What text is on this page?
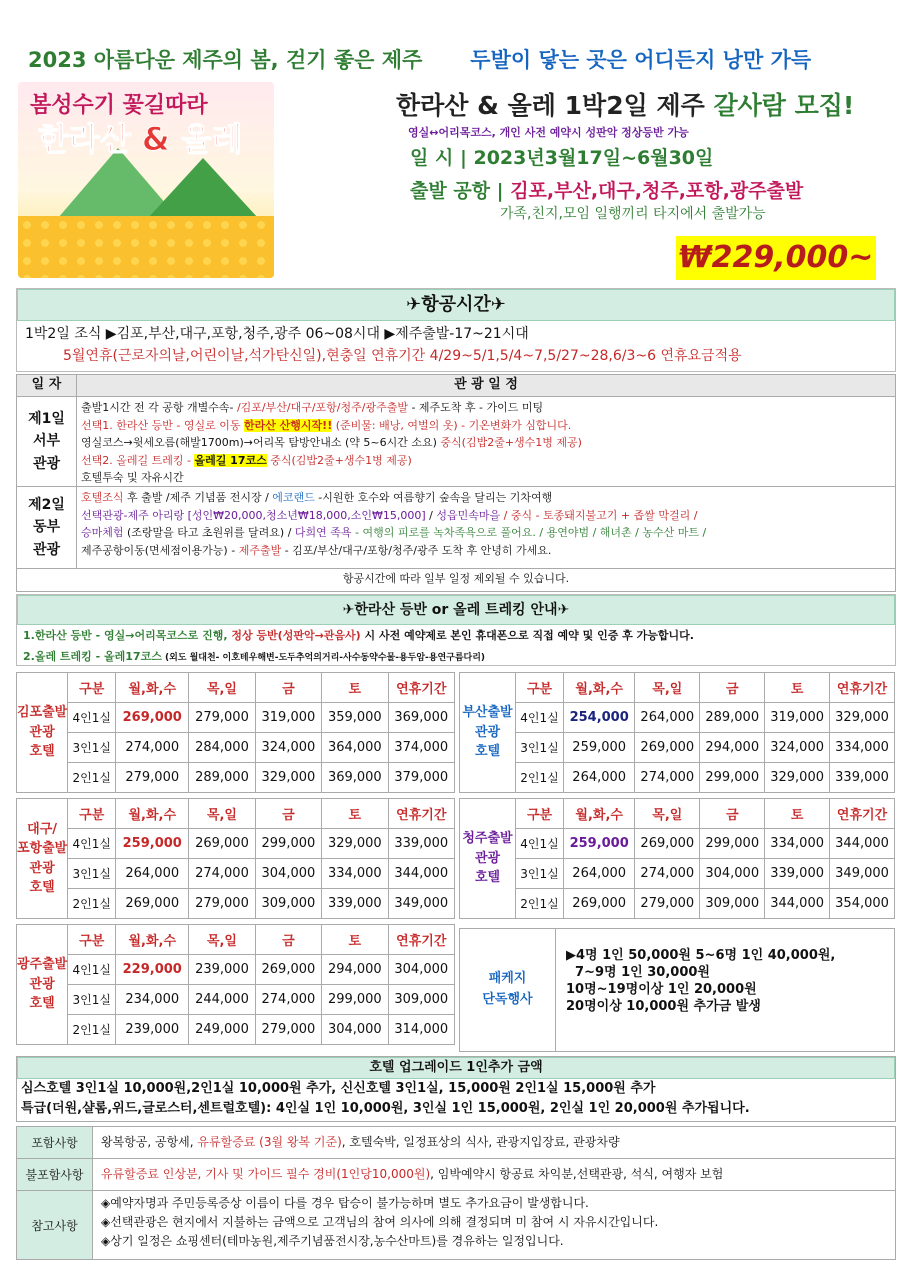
2023 아름다운 제주의 봄, 걷기 좋은 제주 두발이 닿는 곳은 어디든지 낭만 가득
봄성수기 꽃길따라
한라산 & 올레
한라산 & 올레 1박2일 제주 갈사람 모집!
영실↔어리목코스, 개인 사전 예약시 성판악 정상등반 가능
일 시 | 2023년3월17일~6월30일
출발 공항 | 김포,부산,대구,청주,포항,광주출발
가족,친지,모임 일행끼리 타지에서 출발가능
₩229,000~
✈항공시간✈
1박2일 조식 ▶김포,부산,대구,포항,청주,광주 06~08시대 ▶제주출발-17~21시대
5월연휴(근로자의날,어린이날,석가탄신일),현충일 연휴기간 4/29~5/1,5/4~7,5/27~28,6/3~6 연휴요금적용
일 자	관 광 일 정
제1일
서부
관광
출발1시간 전 각 공항 개별수속- /김포/부산/대구/포항/청주/광주출발 - 제주도착 후 - 가이드 미팅
선택1. 한라산 등반 - 영실로 이동 한라산 산행시작!! (준비물: 배낭, 여벌의 옷) - 기온변화가 심합니다.
영실코스→윗세오름(해발1700m)→어리목 탐방안내소 (약 5~6시간 소요) 중식(김밥2줄+생수1병 제공)
선택2. 올레길 트레킹 - 올레길 17코스 중식(김밥2줄+생수1병 제공)
호텔투숙 및 자유시간
제2일
동부
관광
호텔조식 후 출발 /제주 기념품 전시장 / 에코랜드 -시원한 호수와 여름향기 숲속을 달리는 기차여행
선택관광-제주 아리랑 [성인₩20,000,청소년₩18,000,소인₩15,000] / 성읍민속마을 / 중식 - 토종돼지불고기 + 좁쌀 막걸리 /
승마체험 (조랑말을 타고 초원위를 달려요) / 다희연 족욕 - 여행의 피로를 녹차족욕으로 풀어요. / 용연야범 / 해녀촌 / 농수산 마트 /
제주공항이동(면세점이용가능) - 제주출발 - 김포/부산/대구/포항/청주/광주 도착 후 안녕히 가세요.
항공시간에 따라 일부 일정 제외될 수 있습니다.
✈한라산 등반 or 올레 트레킹 안내✈
1.한라산 등반 - 영실→어리목코스로 진행, 정상 등반(성판악→관음사) 시 사전 예약제로 본인 휴대폰으로 직접 예약 및 인증 후 가능합니다.
2.올레 트레킹 - 올레17코스 (외도 월대천- 이호테우해변-도두추억의거리-사수동약수물-용두암-용연구름다리)
김포출발
관광
호텔	구분	월,화,수	목,일	금	토	연휴기간
	4인1실	269,000	279,000	319,000	359,000	369,000
	3인1실	274,000	284,000	324,000	364,000	374,000
	2인1실	279,000	289,000	329,000	369,000	379,000
대구/
포항출발
관광
호텔	구분	월,화,수	목,일	금	토	연휴기간
	4인1실	259,000	269,000	299,000	329,000	339,000
	3인1실	264,000	274,000	304,000	334,000	344,000
	2인1실	269,000	279,000	309,000	339,000	349,000
광주출발
관광
호텔	구분	월,화,수	목,일	금	토	연휴기간
	4인1실	229,000	239,000	269,000	294,000	304,000
	3인1실	234,000	244,000	274,000	299,000	309,000
	2인1실	239,000	249,000	279,000	304,000	314,000
부산출발
관광
호텔	구분	월,화,수	목,일	금	토	연휴기간
	4인1실	254,000	264,000	289,000	319,000	329,000
	3인1실	259,000	269,000	294,000	324,000	334,000
	2인1실	264,000	274,000	299,000	329,000	339,000
청주출발
관광
호텔	구분	월,화,수	목,일	금	토	연휴기간
	4인1실	259,000	269,000	299,000	334,000	344,000
	3인1실	264,000	274,000	304,000	339,000	349,000
	2인1실	269,000	279,000	309,000	344,000	354,000
패케지
단독행사
▶4명 1인 50,000원 5~6명 1인 40,000원,
7~9명 1인 30,000원
10명~19명이상 1인 20,000원
20명이상 10,000원 추가금 발생
호텔 업그레이드 1인추가 금액
심스호텔 3인1실 10,000원,2인1실 10,000원 추가, 신신호텔 3인1실, 15,000원 2인1실 15,000원 추가
특급(더원,샬롬,위드,글로스터,센트럴호텔): 4인실 1인 10,000원, 3인실 1인 15,000원, 2인실 1인 20,000원 추가됩니다.
포함사항	왕복항공, 공항세, 유류할증료 (3월 왕복 기준), 호텔숙박, 일정표상의 식사, 관광지입장료, 관광차량
불포함사항	유류할증료 인상분, 기사 및 가이드 필수 경비(1인당10,000원), 임박예약시 항공료 차익분,선택관광, 석식, 여행자 보험
참고사항
◈예약자명과 주민등록증상 이름이 다를 경우 탑승이 불가능하며 별도 추가요금이 발생합니다.
◈선택관광은 현지에서 지불하는 금액으로 고객님의 참여 의사에 의해 결정되며 미 참여 시 자유시간입니다.
◈상기 일정은 쇼핑센터(테마농원,제주기념품전시장,농수산마트)를 경유하는 일정입니다.
